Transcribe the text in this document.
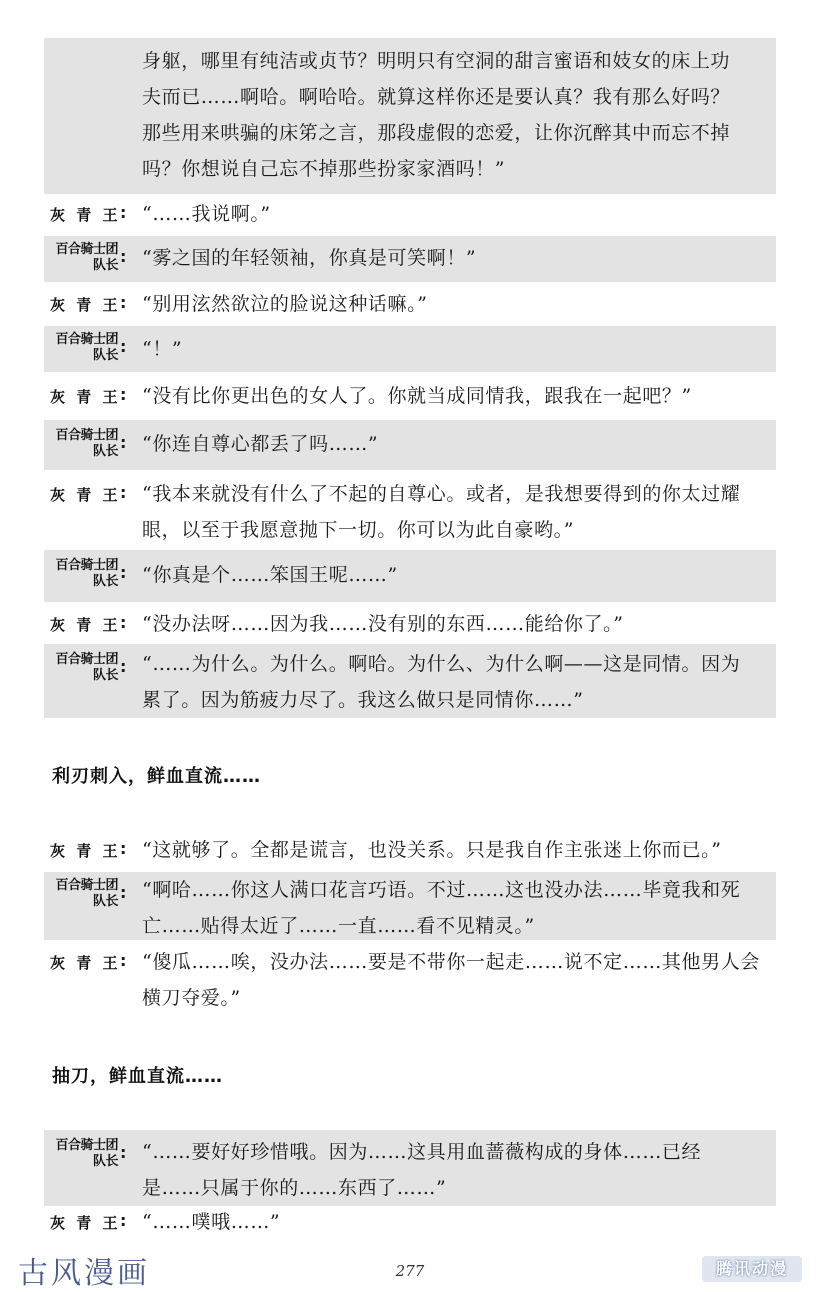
身躯，哪里有纯洁或贞节？明明只有空洞的甜言蜜语和妓女的床上功
夫而已……啊哈。啊哈哈。就算这样你还是要认真？我有那么好吗？
那些用来哄骗的床笫之言，那段虚假的恋爱，让你沉醉其中而忘不掉
吗？你想说自己忘不掉那些扮家家酒吗！”
灰 青 王 : “……我说啊。”
百合骑士团
队长 : “雾之国的年轻领袖，你真是可笑啊！”
灰 青 王 : “别用泫然欲泣的脸说这种话嘛。”
百合骑士团
队长 : “！”
灰 青 王 : “没有比你更出色的女人了。你就当成同情我，跟我在一起吧？”
百合骑士团
队长 : “你连自尊心都丢了吗……”
灰 青 王 : “我本来就没有什么了不起的自尊心。或者，是我想要得到的你太过耀
眼，以至于我愿意抛下一切。你可以为此自豪哟。”
百合骑士团
队长 : “你真是个……笨国王呢……”
灰 青 王 : “没办法呀……因为我……没有别的东西……能给你了。”
百合骑士团
队长 : “……为什么。为什么。啊哈。为什么、为什么啊——这是同情。因为
累了。因为筋疲力尽了。我这么做只是同情你……”
利刃刺入，鲜血直流……
灰 青 王 : “这就够了。全都是谎言，也没关系。只是我自作主张迷上你而已。”
百合骑士团
队长 : “啊哈……你这人满口花言巧语。不过……这也没办法……毕竟我和死
亡……贴得太近了……一直……看不见精灵。”
灰 青 王 : “傻瓜……唉，没办法……要是不带你一起走……说不定……其他男人会
横刀夺爱。”
抽刀，鲜血直流……
百合骑士团
队长 : “……要好好珍惜哦。因为……这具用血蔷薇构成的身体……已经
是……只属于你的……东西了……”
灰 青 王 : “……噗哦……”
古风漫画	277	腾讯动漫
